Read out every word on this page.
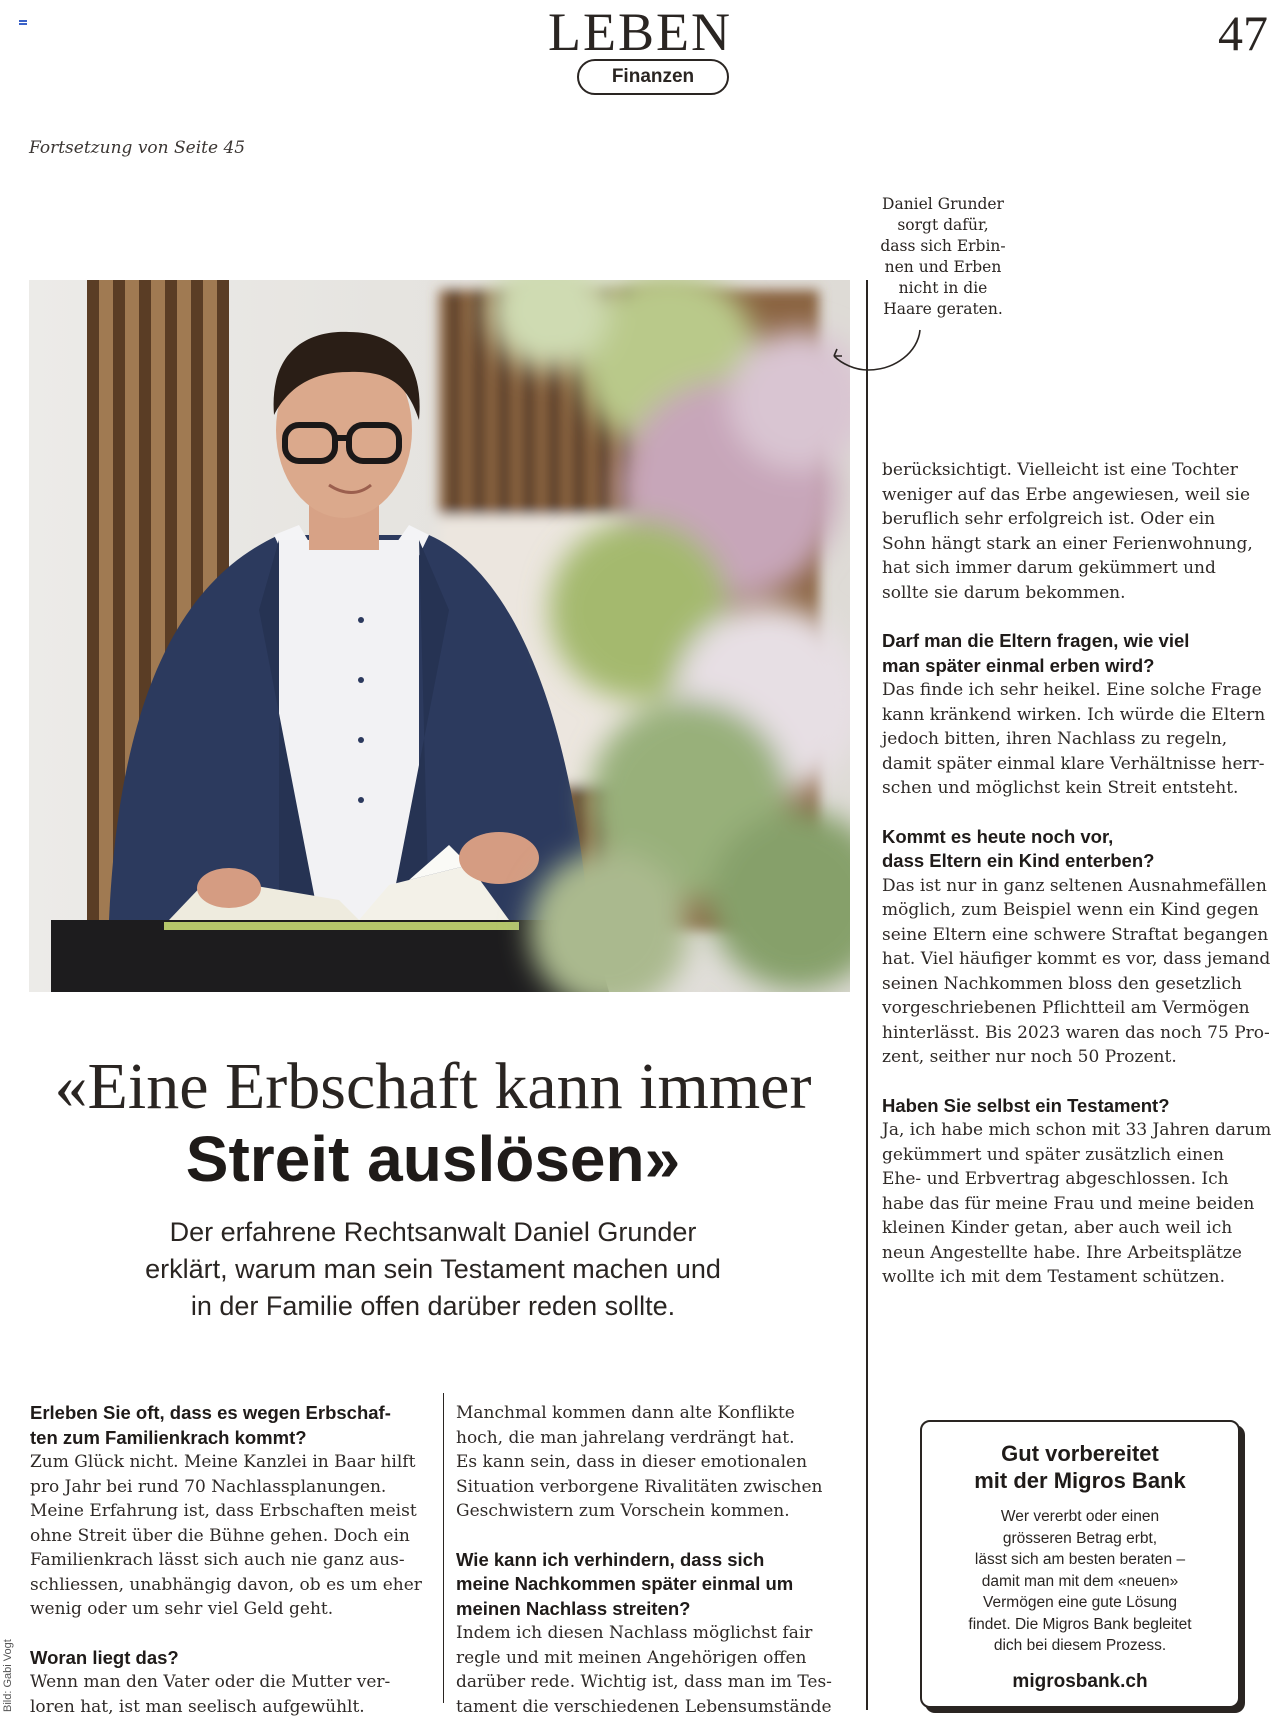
LEBEN
Finanzen
47
Fortsetzung von Seite 45
Daniel Grunder
sorgt dafür,
dass sich Erbin-
nen und Erben
nicht in die
Haare geraten.
«Eine Erbschaft kann immer
Streit auslösen»
Der erfahrene Rechtsanwalt Daniel Grunder
erklärt, warum man sein Testament machen und
in der Familie offen darüber reden sollte.

Erleben Sie oft, dass es wegen Erbschaf-
ten zum Familienkrach kommt?

Zum Glück nicht. Meine Kanzlei in Baar hilft
pro Jahr bei rund 70 Nachlassplanungen.
Meine Erfahrung ist, dass Erbschaften meist
ohne Streit über die Bühne gehen. Doch ein
Familienkrach lässt sich auch nie ganz aus-
schliessen, unabhängig davon, ob es um eher
wenig oder um sehr viel Geld geht.

Woran liegt das?

Wenn man den Vater oder die Mutter ver-
loren hat, ist man seelisch aufgewühlt.

Manchmal kommen dann alte Konflikte
hoch, die man jahrelang verdrängt hat.
Es kann sein, dass in dieser emotionalen
Situation verborgene Rivalitäten zwischen
Geschwistern zum Vorschein kommen.

Wie kann ich verhindern, dass sich
meine Nachkommen später einmal um
meinen Nachlass streiten?

Indem ich diesen Nachlass möglichst fair
regle und mit meinen Angehörigen offen
darüber rede. Wichtig ist, dass man im Tes-
tament die verschiedenen Lebensumstände

berücksichtigt. Vielleicht ist eine Tochter
weniger auf das Erbe angewiesen, weil sie
beruflich sehr erfolgreich ist. Oder ein
Sohn hängt stark an einer Ferienwohnung,
hat sich immer darum gekümmert und
sollte sie darum bekommen.

Darf man die Eltern fragen, wie viel
man später einmal erben wird?

Das finde ich sehr heikel. Eine solche Frage
kann kränkend wirken. Ich würde die Eltern
jedoch bitten, ihren Nachlass zu regeln,
damit später einmal klare Verhältnisse herr-
schen und möglichst kein Streit entsteht.

Kommt es heute noch vor,
dass Eltern ein Kind enterben?

Das ist nur in ganz seltenen Ausnahmefällen
möglich, zum Beispiel wenn ein Kind gegen
seine Eltern eine schwere Straftat begangen
hat. Viel häufiger kommt es vor, dass jemand
seinen Nachkommen bloss den gesetzlich
vorgeschriebenen Pflichtteil am Vermögen
hinterlässt. Bis 2023 waren das noch 75 Pro-
zent, seither nur noch 50 Prozent.

Haben Sie selbst ein Testament?

Ja, ich habe mich schon mit 33 Jahren darum
gekümmert und später zusätzlich einen
Ehe- und Erbvertrag abgeschlossen. Ich
habe das für meine Frau und meine beiden
kleinen Kinder getan, aber auch weil ich
neun Angestellte habe. Ihre Arbeitsplätze
wollte ich mit dem Testament schützen.

Bild: Gabi Vogt
Gut vorbereitet
mit der Migros Bank
Wer vererbt oder einen
grösseren Betrag erbt,
lässt sich am besten beraten –
damit man mit dem «neuen»
Vermögen eine gute Lösung
findet. Die Migros Bank begleitet
dich bei diesem Prozess.
migrosbank.ch
